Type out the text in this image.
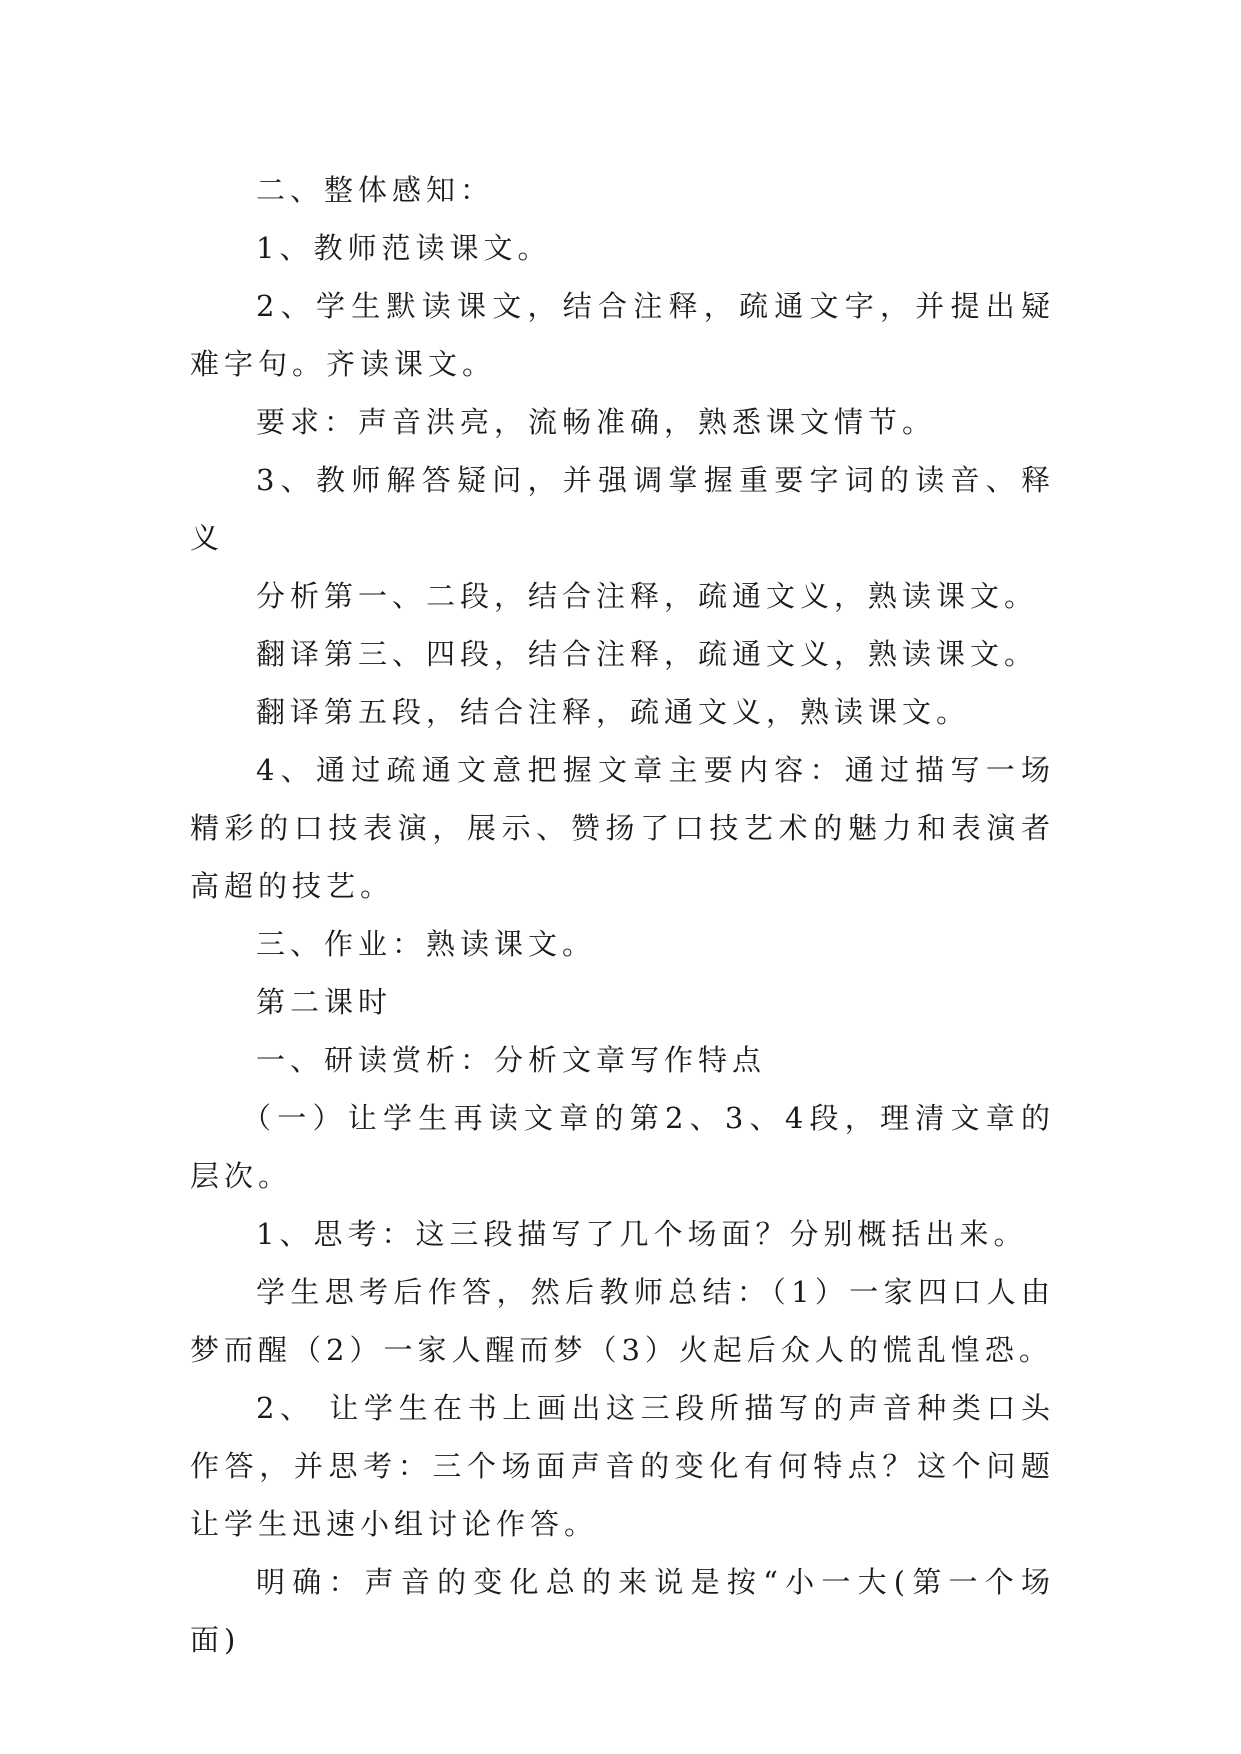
二、整体感知：

1、教师范读课文。

2、学生默读课文，结合注释，疏通文字，并提出疑难字句。齐读课文。

要求：声音洪亮，流畅准确，熟悉课文情节。

3、教师解答疑问，并强调掌握重要字词的读音、释义

分析第一、二段，结合注释，疏通文义，熟读课文。

翻译第三、四段，结合注释，疏通文义，熟读课文。

翻译第五段，结合注释，疏通文义，熟读课文。

4、通过疏通文意把握文章主要内容：通过描写一场精彩的口技表演，展示、赞扬了口技艺术的魅力和表演者高超的技艺。

三、作业：熟读课文。

第二课时

一、研读赏析：分析文章写作特点

（一）让学生再读文章的第2、3、4段，理清文章的层次。

1、思考：这三段描写了几个场面？分别概括出来。

学生思考后作答，然后教师总结：（1）一家四口人由梦而醒（2）一家人醒而梦（3）火起后众人的慌乱惶恐。

2、 让学生在书上画出这三段所描写的声音种类口头作答，并思考：三个场面声音的变化有何特点？这个问题让学生迅速小组讨论作答。

明确：声音的变化总的来说是按“小一大(第一个场面)
